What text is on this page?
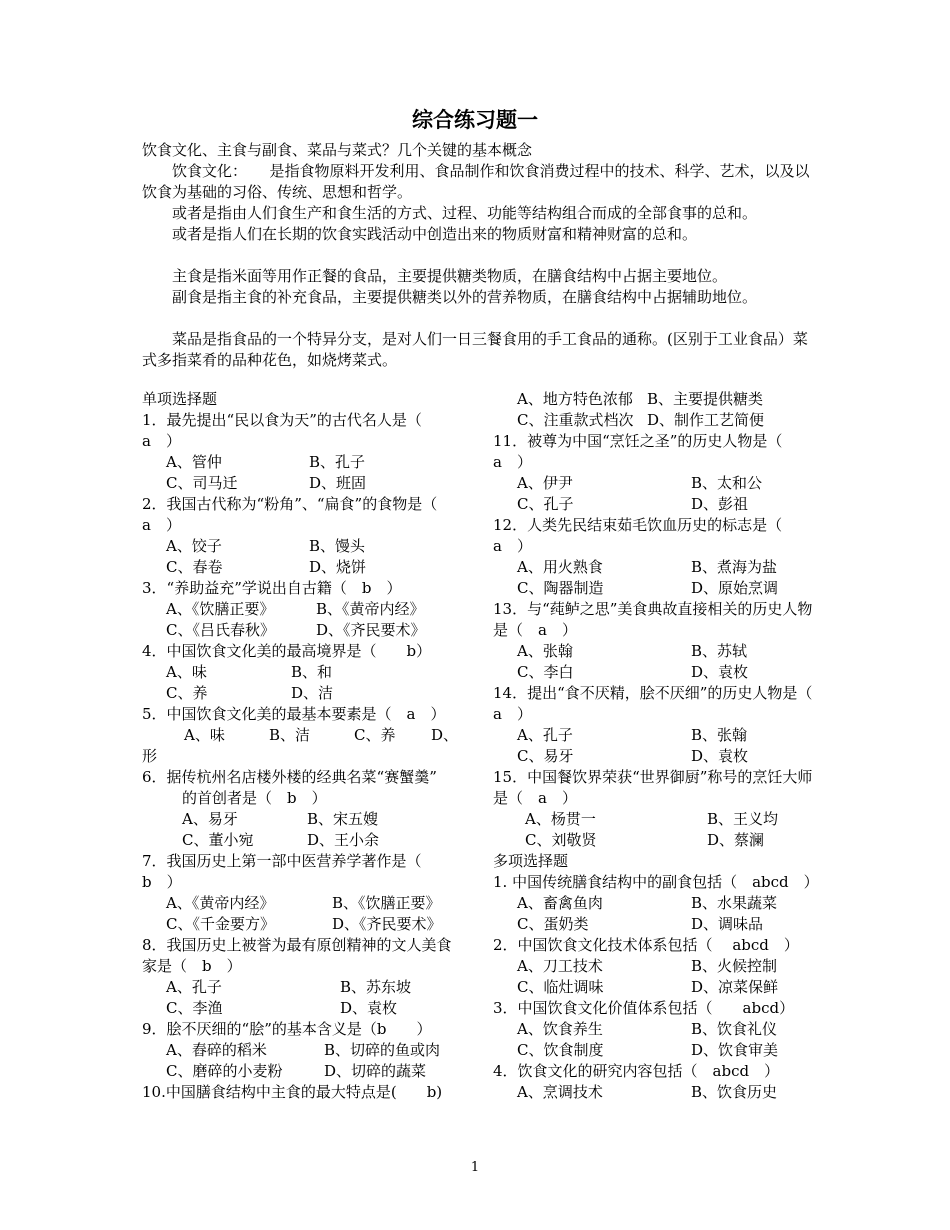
综合练习题一

饮食文化、主食与副食、菜品与菜式？几个关键的基本概念

饮食文化：　　是指食物原料开发利用、食品制作和饮食消费过程中的技术、科学、艺术，以及以饮食为基础的习俗、传统、思想和哲学。

或者是指由人们食生产和食生活的方式、过程、功能等结构组合而成的全部食事的总和。

或者是指人们在长期的饮食实践活动中创造出来的物质财富和精神财富的总和。

主食是指米面等用作正餐的食品，主要提供糖类物质，在膳食结构中占据主要地位。

副食是指主食的补充食品，主要提供糖类以外的营养物质，在膳食结构中占据辅助地位。

菜品是指食品的一个特异分支，是对人们一日三餐食用的手工食品的通称。(区别于工业食品）菜式多指菜肴的品种花色，如烧烤菜式。

单项选择题

1．最先提出“民以食为天”的古代名人是（　a　）

A、管仲	B、孔子
C、司马迁	D、班固

2．我国古代称为“粉角”、“扁食”的食物是（　a　）

A、饺子	B、馒头
C、春卷	D、烧饼

3．“养助益充”学说出自古籍（　b　）

A、《饮膳正要》	B、《黄帝内经》
C、《吕氏春秋》	D、《齐民要术》

4．中国饮食文化美的最高境界是（　　b）

A、味	B、和
C、养	D、洁

5．中国饮食文化美的最基本要素是（　a　）

A、味	B、洁	C、养	D、

形

6．据传杭州名店楼外楼的经典名菜“赛蟹羹”

的首创者是（　b　）

A、易牙	B、宋五嫂
C、董小宛	D、王小余

7．我国历史上第一部中医营养学著作是（　b　）

A、《黄帝内经》	B、《饮膳正要》
C、《千金要方》	D、《齐民要术》

8．我国历史上被誉为最有原创精神的文人美食家是（　b　）

A、孔子	B、苏东坡
C、李渔	D、袁枚

9．脍不厌细的“脍”的基本含义是（b　　）

A、舂碎的稻米	B、切碎的鱼或肉
C、磨碎的小麦粉	D、切碎的蔬菜

10.中国膳食结构中主食的最大特点是(　　b)

A、地方特色浓郁 B、主要提供糖类
C、注重款式档次 D、制作工艺简便

11．被尊为中国“烹饪之圣”的历史人物是（　a　）

A、伊尹	B、太和公
C、孔子	D、彭祖

12．人类先民结束茹毛饮血历史的标志是（　a　）

A、用火熟食	B、煮海为盐
C、陶器制造	D、原始烹调

13．与“莼鲈之思”美食典故直接相关的历史人物是（　a　）

A、张翰	B、苏轼
C、李白	D、袁枚

14．提出“食不厌精，脍不厌细”的历史人物是（　a　）

A、孔子	B、张翰
C、易牙	D、袁枚

15．中国餐饮界荣获“世界御厨”称号的烹饪大师是（　a　）

A、杨贯一	B、王义均
C、刘敬贤	D、蔡澜

多项选择题

1. 中国传统膳食结构中的副食包括（　abcd　）

A、畜禽鱼肉	B、水果蔬菜
C、蛋奶类	D、调味品

2．中国饮食文化技术体系包括（　 abcd　）

A、刀工技术	B、火候控制
C、临灶调味	D、凉菜保鲜

3．中国饮食文化价值体系包括（　　abcd）

A、饮食养生	B、饮食礼仪
C、饮食制度	D、饮食审美

4．饮食文化的研究内容包括（　abcd　）

A、烹调技术	B、饮食历史
1
